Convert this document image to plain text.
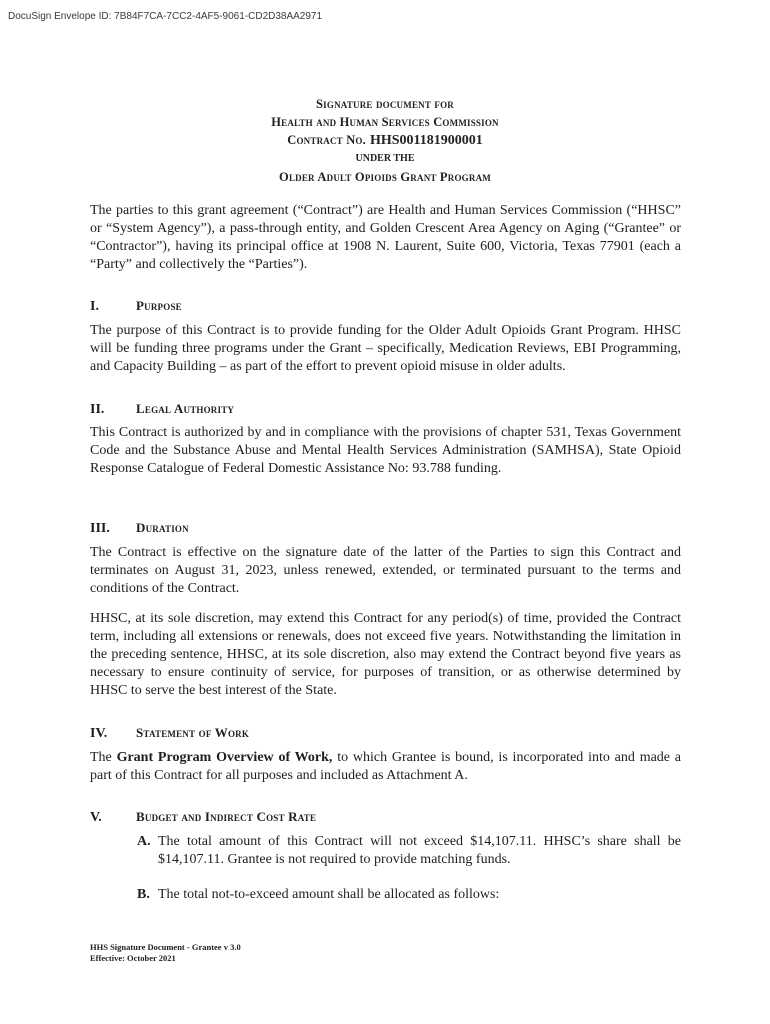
DocuSign Envelope ID: 7B84F7CA-7CC2-4AF5-9061-CD2D38AA2971
Signature document for
Health and Human Services Commission
Contract No. HHS001181900001
UNDER THE
Older Adult Opioids Grant Program
The parties to this grant agreement (“Contract”) are Health and Human Services Commission (“HHSC” or “System Agency”), a pass-through entity, and Golden Crescent Area Agency on Aging (“Grantee” or “Contractor”), having its principal office at 1908 N. Laurent, Suite 600, Victoria, Texas 77901 (each a “Party” and collectively the “Parties”).
I.	Purpose
The purpose of this Contract is to provide funding for the Older Adult Opioids Grant Program. HHSC will be funding three programs under the Grant – specifically, Medication Reviews, EBI Programming, and Capacity Building – as part of the effort to prevent opioid misuse in older adults.
II. Legal Authority
This Contract is authorized by and in compliance with the provisions of chapter 531, Texas Government Code and the Substance Abuse and Mental Health Services Administration (SAMHSA), State Opioid Response Catalogue of Federal Domestic Assistance No: 93.788 funding.
III. Duration
The Contract is effective on the signature date of the latter of the Parties to sign this Contract and terminates on August 31, 2023, unless renewed, extended, or terminated pursuant to the terms and conditions of the Contract.
HHSC, at its sole discretion, may extend this Contract for any period(s) of time, provided the Contract term, including all extensions or renewals, does not exceed five years. Notwithstanding the limitation in the preceding sentence, HHSC, at its sole discretion, also may extend the Contract beyond five years as necessary to ensure continuity of service, for purposes of transition, or as otherwise determined by HHSC to serve the best interest of the State.
IV. Statement of Work
The Grant Program Overview of Work, to which Grantee is bound, is incorporated into and made a part of this Contract for all purposes and included as Attachment A.
V.	Budget and Indirect Cost Rate
A. The total amount of this Contract will not exceed $14,107.11. HHSC’s share shall be $14,107.11. Grantee is not required to provide matching funds.
B. The total not-to-exceed amount shall be allocated as follows:
HHS Signature Document - Grantee v 3.0
Effective: October 2021
